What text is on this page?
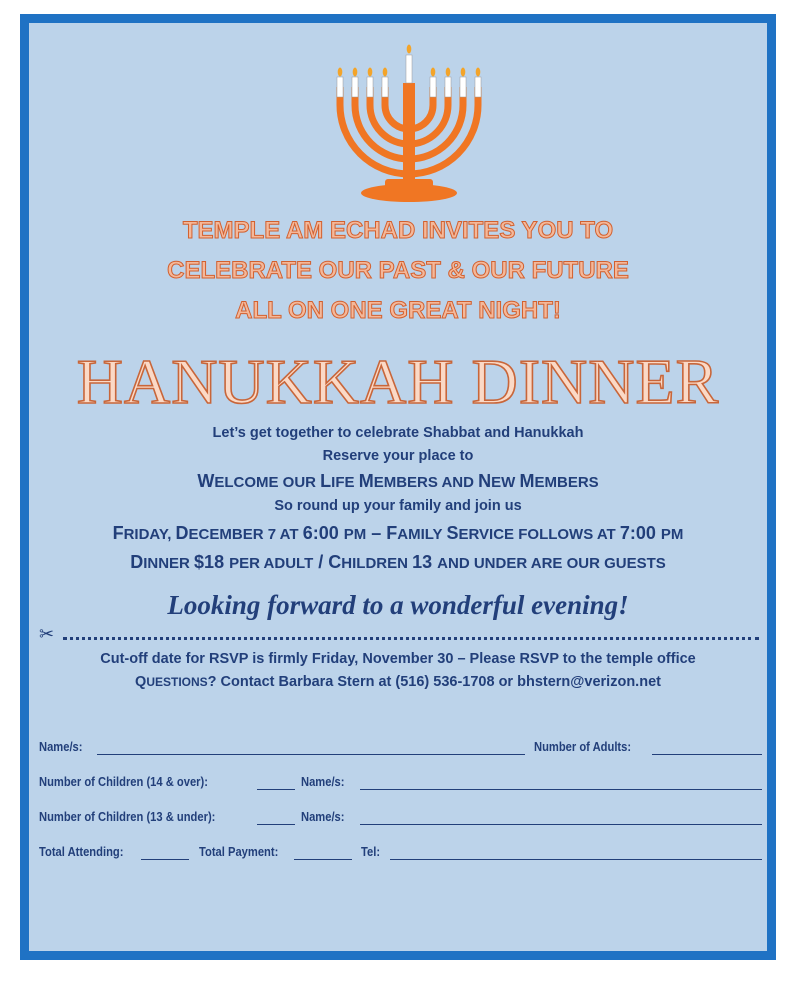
TEMPLE AM ECHAD INVITES YOU TO
CELEBRATE OUR PAST & OUR FUTURE
ALL ON ONE GREAT NIGHT!
HANUKKAH DINNER
Let’s get together to celebrate Shabbat and Hanukkah
Reserve your place to
WELCOME OUR LIFE MEMBERS AND NEW MEMBERS
So round up your family and join us
FRIDAY, DECEMBER 7 AT 6:00 PM – FAMILY SERVICE FOLLOWS AT 7:00 PM
DINNER $18 PER ADULT / CHILDREN 13 AND UNDER ARE OUR GUESTS
Looking forward to a wonderful evening!
✂
Cut-off date for RSVP is firmly Friday, November 30 – Please RSVP to the temple office
QUESTIONS? Contact Barbara Stern at (516) 536-1708 or bhstern@verizon.net
Name/s:	Number of Adults:
Number of Children (14 & over):	Name/s:
Number of Children (13 & under):	Name/s:
Total Attending:	Total Payment:	Tel:
